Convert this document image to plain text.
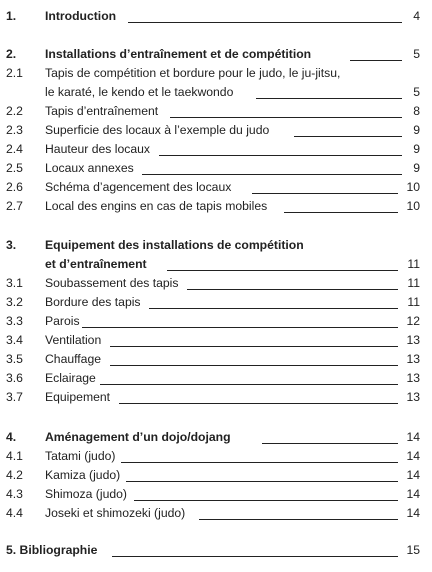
1. Introduction	4
2. Installations d’entraînement et de compétition	5
2.1 Tapis de compétition et bordure pour le judo, le ju-jitsu,
le karaté, le kendo et le taekwondo	5
2.2 Tapis d’entraînement	8
2.3 Superficie des locaux à l’exemple du judo	9
2.4 Hauteur des locaux	9
2.5 Locaux annexes	9
2.6 Schéma d’agencement des locaux	10
2.7 Local des engins en cas de tapis mobiles	10
3. Equipement des installations de compétition
et d’entraînement	11
3.1 Soubassement des tapis	11
3.2 Bordure des tapis	11
3.3 Parois	12
3.4 Ventilation	13
3.5 Chauffage	13
3.6 Eclairage	13
3.7 Equipement	13
4. Aménagement d’un dojo/dojang	14
4.1 Tatami (judo)	14
4.2 Kamiza (judo)	14
4.3 Shimoza (judo)	14
4.4 Joseki et shimozeki (judo)	14
5. Bibliographie	15
